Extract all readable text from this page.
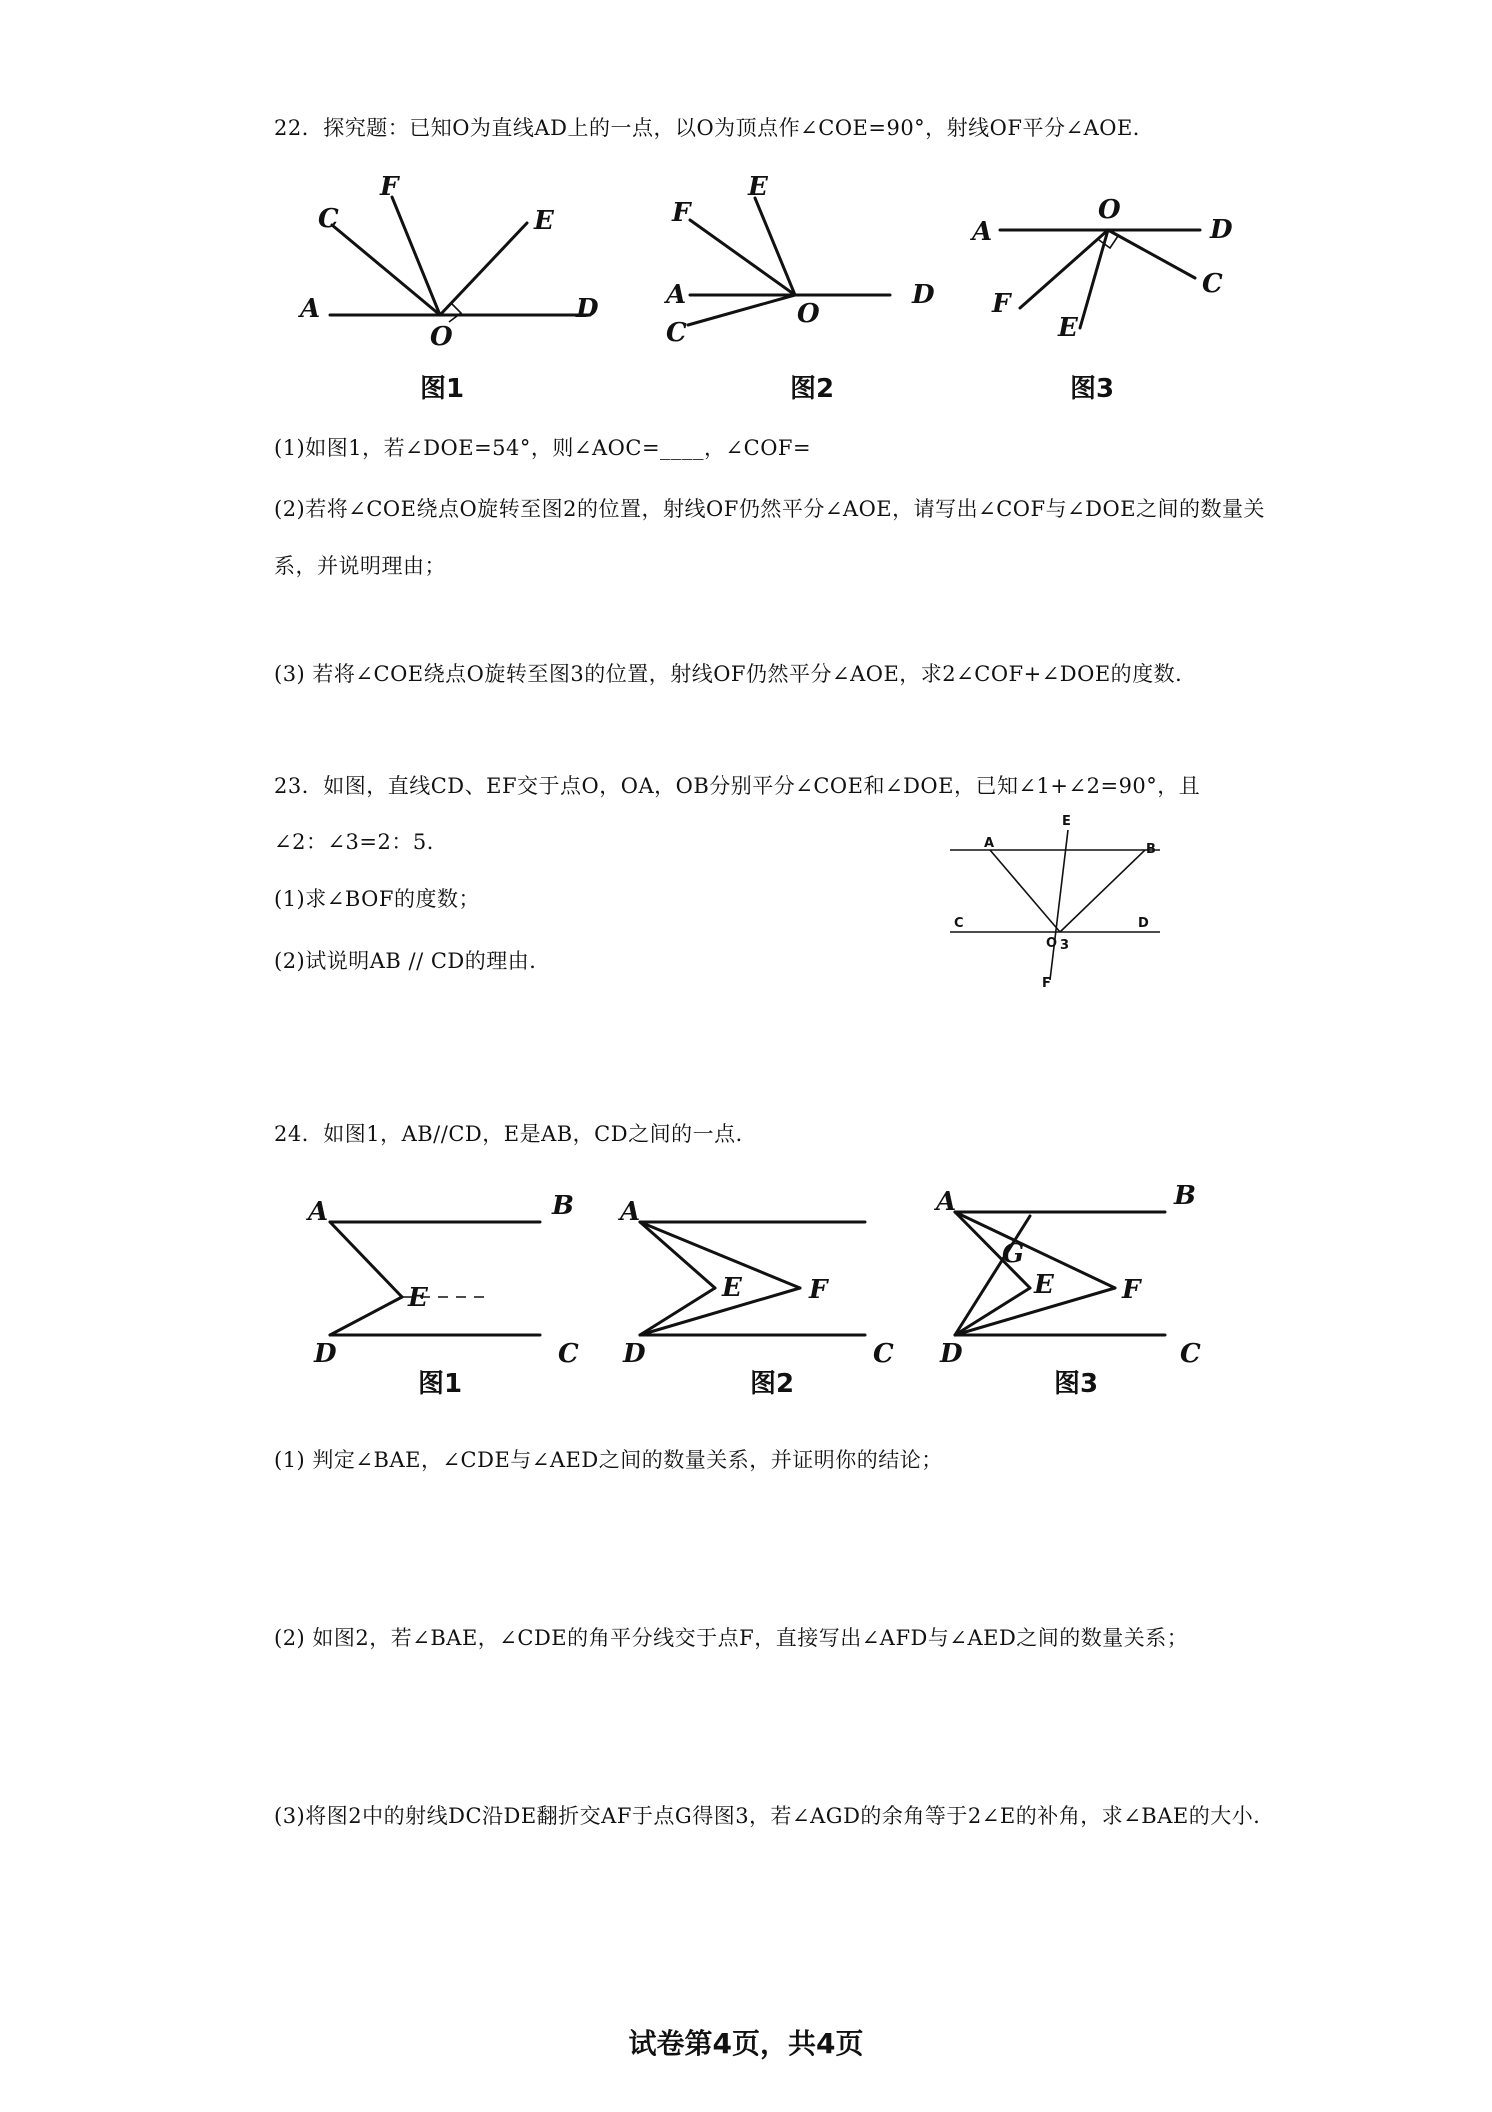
22．探究题：已知O为直线AD上的一点，以O为顶点作∠COE=90°，射线OF平分∠AOE．
A
O
D
C
F
E
图1
A
O
D
C
F
E
图2
A
O
D
C
F
E
图3
(1)如图1，若∠DOE=54°，则∠AOC=____，∠COF=
(2)若将∠COE绕点O旋转至图2的位置，射线OF仍然平分∠AOE，请写出∠COF与∠DOE之间的数量关
系，并说明理由；
(3) 若将∠COE绕点O旋转至图3的位置，射线OF仍然平分∠AOE，求2∠COF+∠DOE的度数．
23．如图，直线CD、EF交于点O，OA，OB分别平分∠COE和∠DOE，已知∠1+∠2=90°，且
∠2：∠3=2：5．
(1)求∠BOF的度数；
(2)试说明AB // CD的理由．
A	B
C	D
E
F
O 3
24．如图1，AB//CD，E是AB，CD之间的一点．
A	B
D	C
E
图1
A
D	C
E	F
图2
A	B
D	C
G
E	F
图3
(1) 判定∠BAE，∠CDE与∠AED之间的数量关系，并证明你的结论；
(2) 如图2，若∠BAE，∠CDE的角平分线交于点F，直接写出∠AFD与∠AED之间的数量关系；
(3)将图2中的射线DC沿DE翻折交AF于点G得图3，若∠AGD的余角等于2∠E的补角，求∠BAE的大小．
试卷第4页，共4页
